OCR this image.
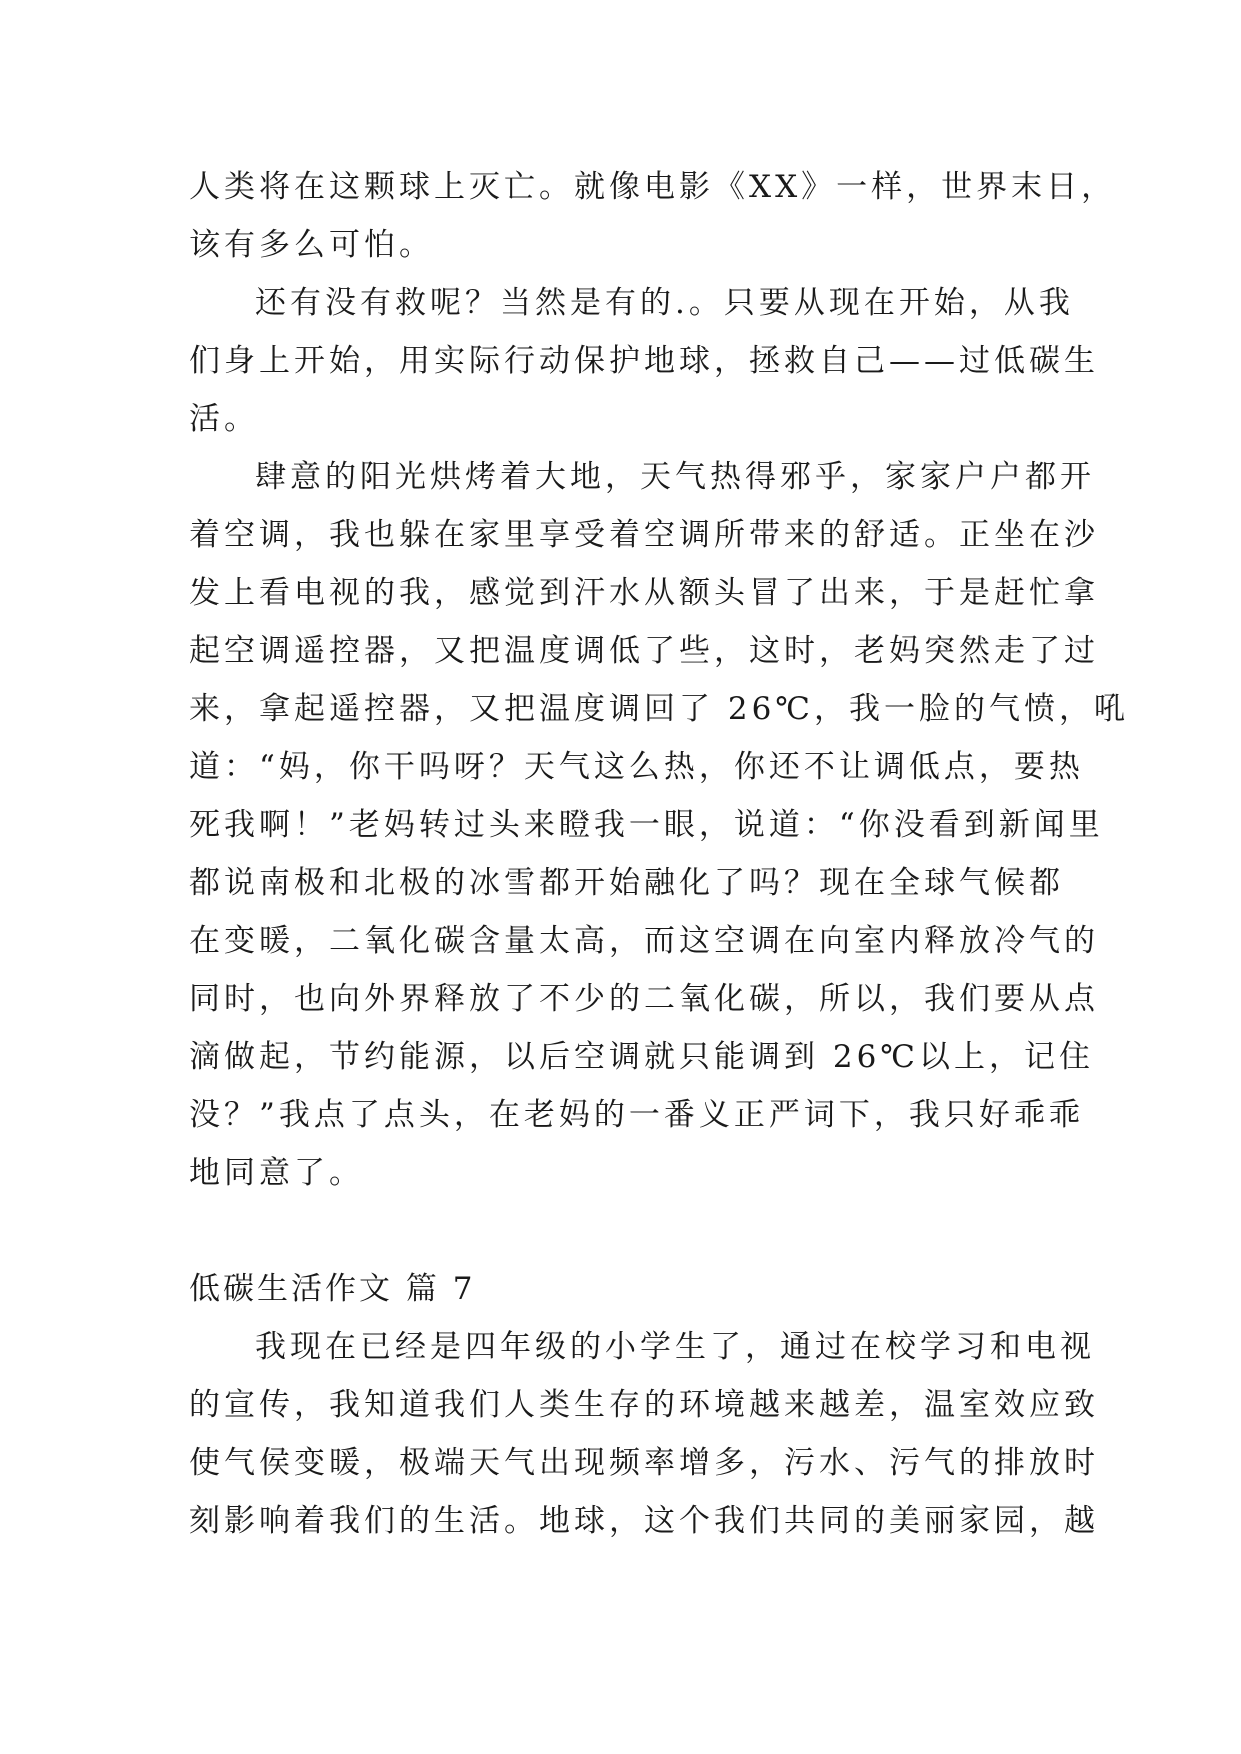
人类将在这颗球上灭亡。就像电影《XX》一样，世界末日，
该有多么可怕。
还有没有救呢？当然是有的.。只要从现在开始，从我
们身上开始，用实际行动保护地球，拯救自己——过低碳生
活。
肆意的阳光烘烤着大地，天气热得邪乎，家家户户都开
着空调，我也躲在家里享受着空调所带来的舒适。正坐在沙
发上看电视的我，感觉到汗水从额头冒了出来，于是赶忙拿
起空调遥控器，又把温度调低了些，这时，老妈突然走了过
来，拿起遥控器，又把温度调回了 26℃，我一脸的气愤，吼
道：“妈，你干吗呀？天气这么热，你还不让调低点，要热
死我啊！”老妈转过头来瞪我一眼，说道：“你没看到新闻里
都说南极和北极的冰雪都开始融化了吗？现在全球气候都
在变暖，二氧化碳含量太高，而这空调在向室内释放冷气的
同时，也向外界释放了不少的二氧化碳，所以，我们要从点
滴做起，节约能源，以后空调就只能调到 26℃以上，记住
没？”我点了点头，在老妈的一番义正严词下，我只好乖乖
地同意了。
低碳生活作文 篇 7
我现在已经是四年级的小学生了，通过在校学习和电视
的宣传，我知道我们人类生存的环境越来越差，温室效应致
使气侯变暖，极端天气出现频率增多，污水、污气的排放时
刻影响着我们的生活。地球，这个我们共同的美丽家园，越
